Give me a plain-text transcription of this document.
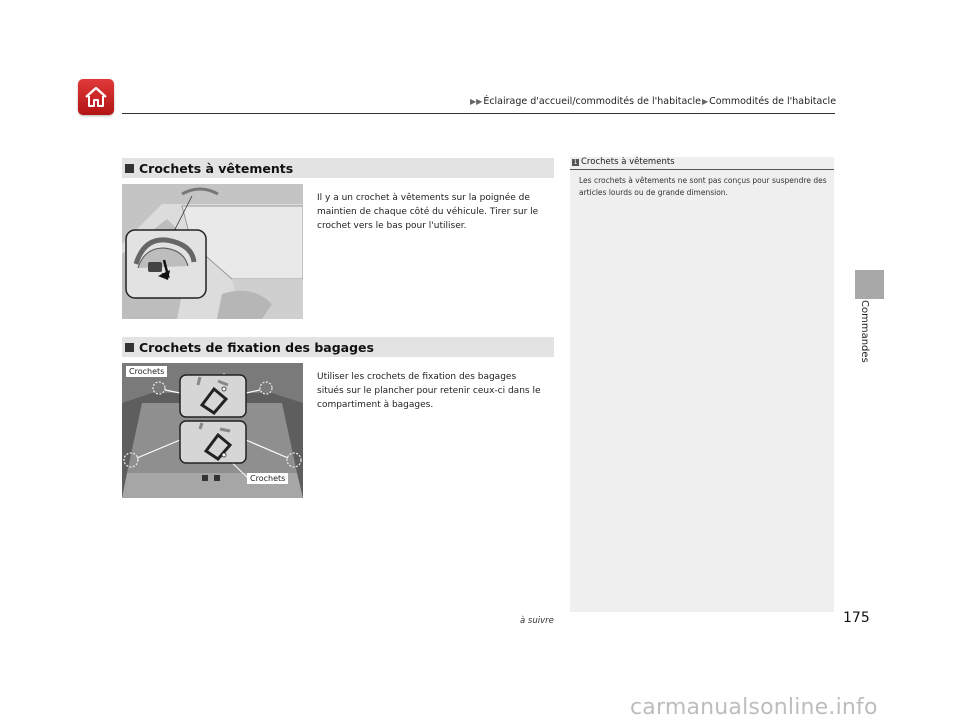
▶▶ Éclairage d'accueil/commodités de l'habitacle ▶ Commodités de l'habitacle
Commandes
Crochets à vêtements

Il y a un crochet à vêtements sur la poignée de maintien de chaque côté du véhicule. Tirer sur le crochet vers le bas pour l'utiliser.

Crochets de fixation des bagages
Crochets
Crochets

Utiliser les crochets de fixation des bagages situés sur le plancher pour retenir ceux-ci dans le compartiment à bagages.

1 Crochets à vêtements
Les crochets à vêtements ne sont pas conçus pour suspendre des articles lourds ou de grande dimension.
à suivre	175
carmanualsonline.info
